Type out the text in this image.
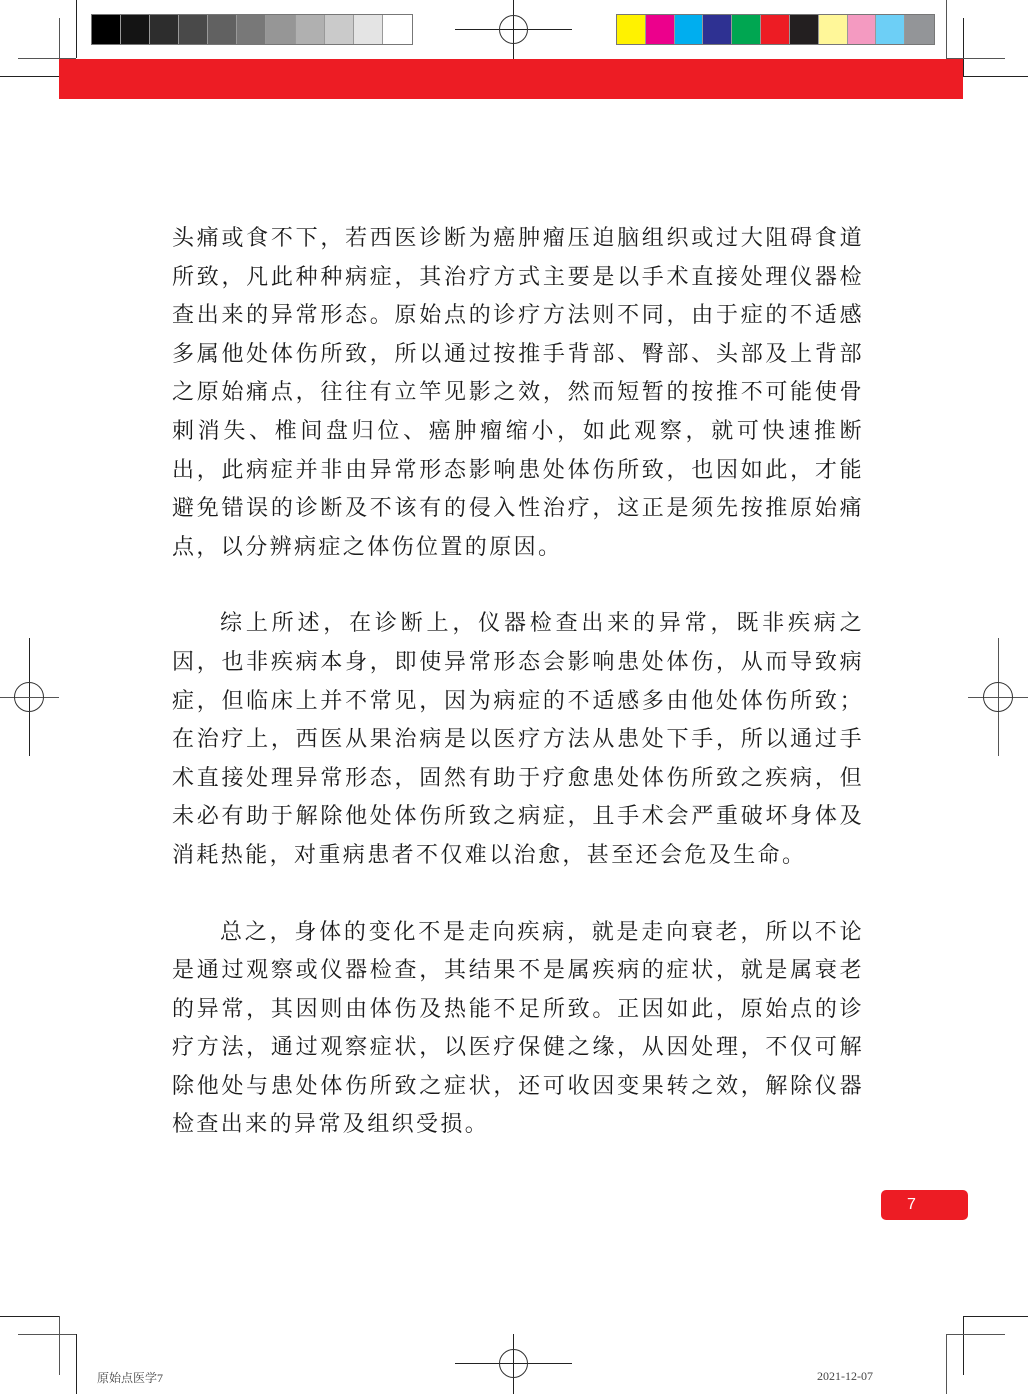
头痛或食不下，若西医诊断为癌肿瘤压迫脑组织或过大阻碍食道所致，凡此种种病症，其治疗方式主要是以手术直接处理仪器检查出来的异常形态。原始点的诊疗方法则不同，由于症的不适感多属他处体伤所致，所以通过按推手背部、臀部、头部及上背部之原始痛点，往往有立竿见影之效，然而短暂的按推不可能使骨刺消失、椎间盘归位、癌肿瘤缩小，如此观察，就可快速推断出，此病症并非由异常形态影响患处体伤所致，也因如此，才能避免错误的诊断及不该有的侵入性治疗，这正是须先按推原始痛点，以分辨病症之体伤位置的原因。

综上所述，在诊断上，仪器检查出来的异常，既非疾病之因，也非疾病本身，即使异常形态会影响患处体伤，从而导致病症，但临床上并不常见，因为病症的不适感多由他处体伤所致；在治疗上，西医从果治病是以医疗方法从患处下手，所以通过手术直接处理异常形态，固然有助于疗愈患处体伤所致之疾病，但未必有助于解除他处体伤所致之病症，且手术会严重破坏身体及消耗热能，对重病患者不仅难以治愈，甚至还会危及生命。

总之，身体的变化不是走向疾病，就是走向衰老，所以不论是通过观察或仪器检查，其结果不是属疾病的症状，就是属衰老的异常，其因则由体伤及热能不足所致。正因如此，原始点的诊疗方法，通过观察症状，以医疗保健之缘，从因处理，不仅可解除他处与患处体伤所致之症状，还可收因变果转之效，解除仪器检查出来的异常及组织受损。

7
原始点医学7	2021-12-07
